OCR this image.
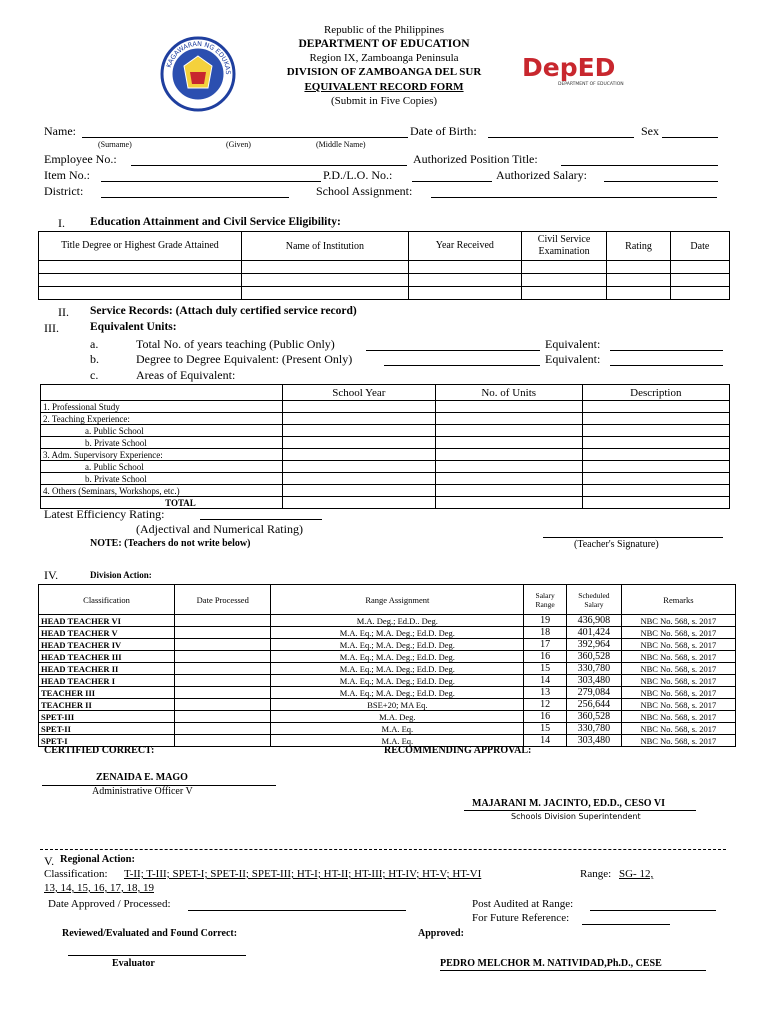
KAGAWARAN NG EDUKAS
Republic of the Philippines
DEPARTMENT OF EDUCATION
Region IX, Zamboanga Peninsula
DIVISION OF ZAMBOANGA DEL SUR
EQUIVALENT RECORD FORM
(Submit in Five Copies)
DepED
DEPARTMENT OF EDUCATION
Name:
(Surname)	(Given)	(Middle Name)
Date of Birth:	Sex
Employee No.:	Authorized Position Title:
Item No.:	P.D./L.O. No.:	Authorized Salary:
District:	School Assignment:
I. Education Attainment and Civil Service Eligibility:
Title Degree or Highest Grade Attained	Name of Institution	Year Received	Civil Service Examination	Rating	Date

II. Service Records: (Attach duly certified service record)
III.	Equivalent Units:
a.	Total No. of years teaching (Public Only)	Equivalent:
b.	Degree to Degree Equivalent: (Present Only)	Equivalent:
c.	Areas of Equivalent:
	School Year	No. of Units	Description
1. Professional Study			
2. Teaching Experience:			
a. Public School			
b. Private School			
3. Adm. Supervisory Experience:			
a. Public School			
b. Private School			
4. Others (Seminars, Workshops, etc.)			
TOTAL			
Latest Efficiency Rating:
(Adjectival and Numerical Rating)
NOTE: (Teachers do not write below)	(Teacher's Signature)
IV.	Division Action:
Classification	Date Processed	Range Assignment	Salary Range	Scheduled Salary	Remarks
HEAD TEACHER VI		M.A. Deg.; Ed.D.. Deg.	19	436,908	NBC No. 568, s. 2017
HEAD TEACHER V		M.A. Eq.; M.A. Deg.; Ed.D. Deg.	18	401,424	NBC No. 568, s. 2017
HEAD TEACHER IV		M.A. Eq.; M.A. Deg.; Ed.D. Deg.	17	392,964	NBC No. 568, s. 2017
HEAD TEACHER III		M.A. Eq.; M.A. Deg.; Ed.D. Deg.	16	360,528	NBC No. 568, s. 2017
HEAD TEACHER II		M.A. Eq.; M.A. Deg.; Ed.D. Deg.	15	330,780	NBC No. 568, s. 2017
HEAD TEACHER I		M.A. Eq.; M.A. Deg.; Ed.D. Deg.	14	303,480	NBC No. 568, s. 2017
TEACHER III		M.A. Eq.; M.A. Deg.; Ed.D. Deg.	13	279,084	NBC No. 568, s. 2017
TEACHER II		BSE+20; MA Eq.	12	256,644	NBC No. 568, s. 2017
SPET-III		M.A. Deg.	16	360,528	NBC No. 568, s. 2017
SPET-II		M.A. Eq.	15	330,780	NBC No. 568, s. 2017
SPET-I		M.A. Eq.	14	303,480	NBC No. 568, s. 2017
CERTIFIED CORRECT:	RECOMMENDING APPROVAL:
ZENAIDA E. MAGO
Administrative Officer V
MAJARANI M. JACINTO, ED.D., CESO VI
Schools Division Superintendent
V. Regional Action:
Classification: T-II; T-III; SPET-I; SPET-II; SPET-III; HT-I; HT-II; HT-III; HT-IV; HT-V; HT-VI	Range: SG- 12,
13, 14, 15, 16, 17, 18, 19
Date Approved / Processed:	Post Audited at Range:
For Future Reference:
Reviewed/Evaluated and Found Correct:	Approved:
Evaluator	PEDRO MELCHOR M. NATIVIDAD,Ph.D., CESE
